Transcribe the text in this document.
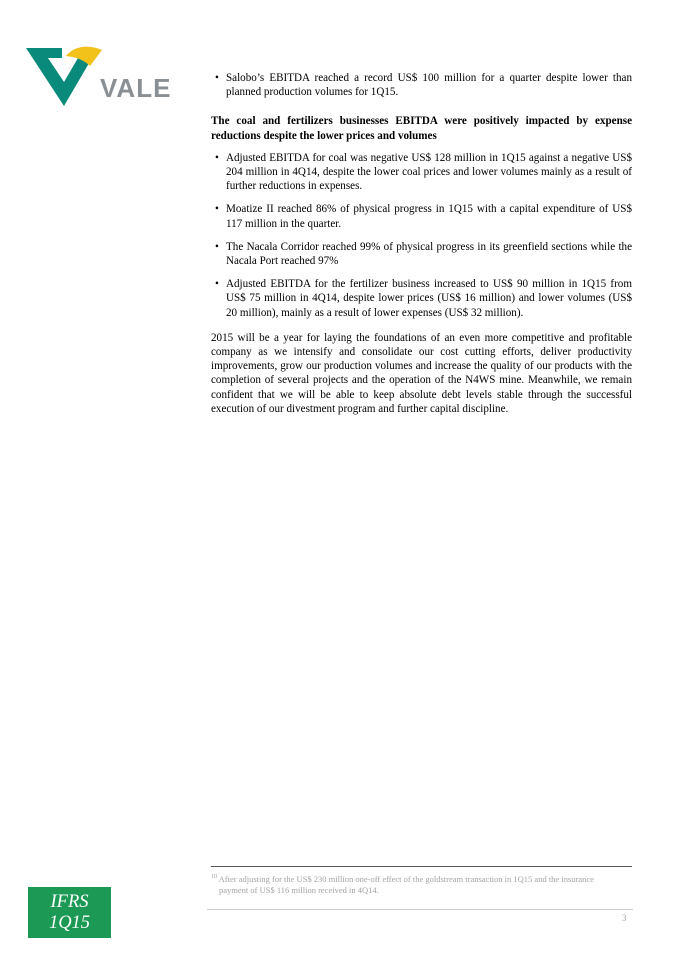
VALE	• Salobo’s EBITDA reached a record US$ 100 million for a quarter despite lower than planned production volumes for 1Q15.
The coal and fertilizers businesses EBITDA were positively impacted by expense reductions despite the lower prices and volumes
• Adjusted EBITDA for coal was negative US$ 128 million in 1Q15 against a negative US$ 204 million in 4Q14, despite the lower coal prices and lower volumes mainly as a result of further reductions in expenses.
• Moatize II reached 86% of physical progress in 1Q15 with a capital expenditure of US$ 117 million in the quarter.
• The Nacala Corridor reached 99% of physical progress in its greenfield sections while the Nacala Port reached 97%
• Adjusted EBITDA for the fertilizer business increased to US$ 90 million in 1Q15 from US$ 75 million in 4Q14, despite lower prices (US$ 16 million) and lower volumes (US$ 20 million), mainly as a result of lower expenses (US$ 32 million).

2015 will be a year for laying the foundations of an even more competitive and profitable company as we intensify and consolidate our cost cutting efforts, deliver productivity improvements, grow our production volumes and increase the quality of our products with the completion of several projects and the operation of the N4WS mine. Meanwhile, we remain confident that we will be able to keep absolute debt levels stable through the successful execution of our divestment program and further capital discipline.

$^{10}$ After adjusting for the US$ 230 million one-off effect of the goldstream transaction in 1Q15 and the insurance
payment of US$ 116 million received in 4Q14.
3
IFRS
1Q15
